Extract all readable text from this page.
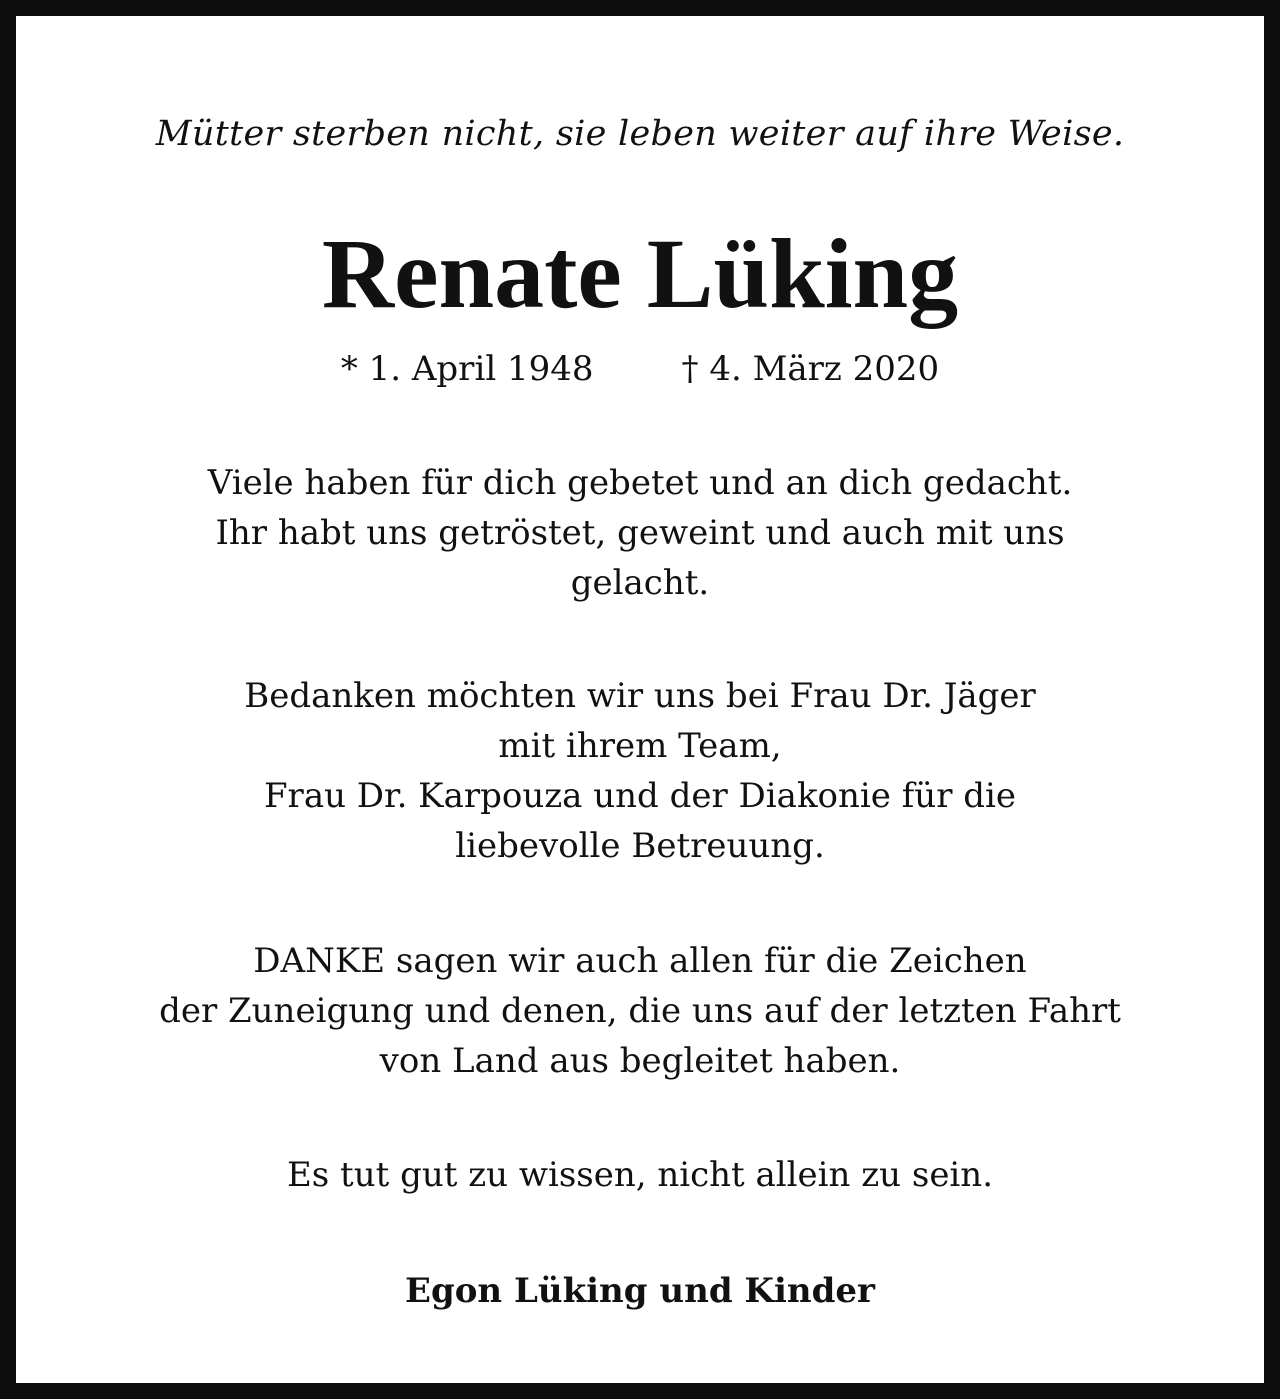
Mütter sterben nicht, sie leben weiter auf ihre Weise.
Renate Lüking
* 1. April 1948	† 4. März 2020
Viele haben für dich gebetet und an dich gedacht.
Ihr habt uns getröstet, geweint und auch mit uns
gelacht.
Bedanken möchten wir uns bei Frau Dr. Jäger
mit ihrem Team,
Frau Dr. Karpouza und der Diakonie für die
liebevolle Betreuung.
DANKE sagen wir auch allen für die Zeichen
der Zuneigung und denen, die uns auf der letzten Fahrt
von Land aus begleitet haben.
Es tut gut zu wissen, nicht allein zu sein.
Egon Lüking und Kinder
